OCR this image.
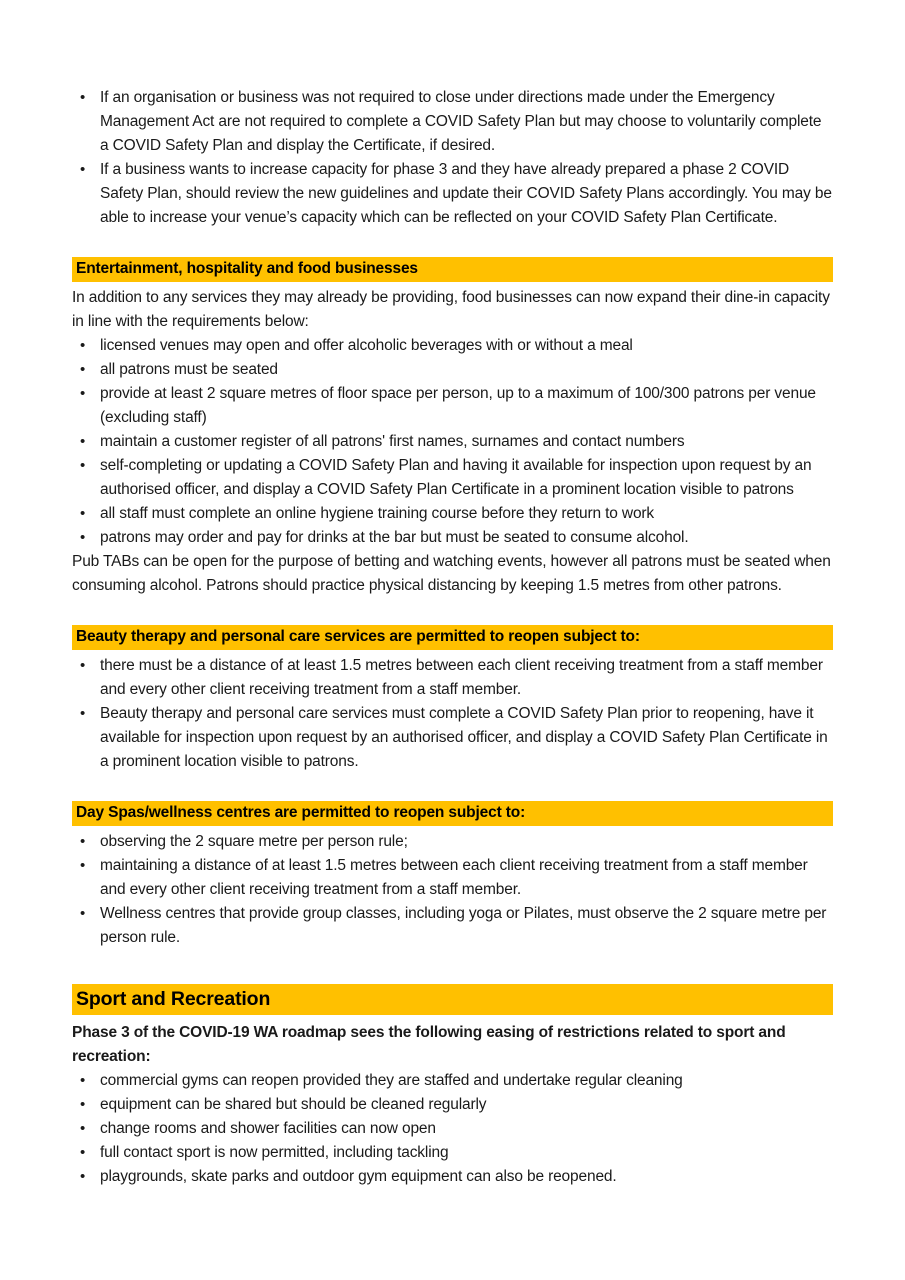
• If an organisation or business was not required to close under directions made under the Emergency Management Act are not required to complete a COVID Safety Plan but may choose to voluntarily complete a COVID Safety Plan and display the Certificate, if desired.
• If a business wants to increase capacity for phase 3 and they have already prepared a phase 2 COVID Safety Plan, should review the new guidelines and update their COVID Safety Plans accordingly. You may be able to increase your venue’s capacity which can be reflected on your COVID Safety Plan Certificate.
Entertainment, hospitality and food businesses

In addition to any services they may already be providing, food businesses can now expand their dine-in capacity in line with the requirements below:

• licensed venues may open and offer alcoholic beverages with or without a meal
• all patrons must be seated
• provide at least 2 square metres of floor space per person, up to a maximum of 100/300 patrons per venue (excluding staff)
• maintain a customer register of all patrons' first names, surnames and contact numbers
• self-completing or updating a COVID Safety Plan and having it available for inspection upon request by an authorised officer, and display a COVID Safety Plan Certificate in a prominent location visible to patrons
• all staff must complete an online hygiene training course before they return to work
• patrons may order and pay for drinks at the bar but must be seated to consume alcohol.

Pub TABs can be open for the purpose of betting and watching events, however all patrons must be seated when consuming alcohol. Patrons should practice physical distancing by keeping 1.5 metres from other patrons.

Beauty therapy and personal care services are permitted to reopen subject to:
• there must be a distance of at least 1.5 metres between each client receiving treatment from a staff member and every other client receiving treatment from a staff member.
• Beauty therapy and personal care services must complete a COVID Safety Plan prior to reopening, have it available for inspection upon request by an authorised officer, and display a COVID Safety Plan Certificate in a prominent location visible to patrons.
Day Spas/wellness centres are permitted to reopen subject to:
• observing the 2 square metre per person rule;
• maintaining a distance of at least 1.5 metres between each client receiving treatment from a staff member and every other client receiving treatment from a staff member.
• Wellness centres that provide group classes, including yoga or Pilates, must observe the 2 square metre per person rule.
Sport and Recreation

Phase 3 of the COVID-19 WA roadmap sees the following easing of restrictions related to sport and recreation:

• commercial gyms can reopen provided they are staffed and undertake regular cleaning
• equipment can be shared but should be cleaned regularly
• change rooms and shower facilities can now open
• full contact sport is now permitted, including tackling
• playgrounds, skate parks and outdoor gym equipment can also be reopened.
